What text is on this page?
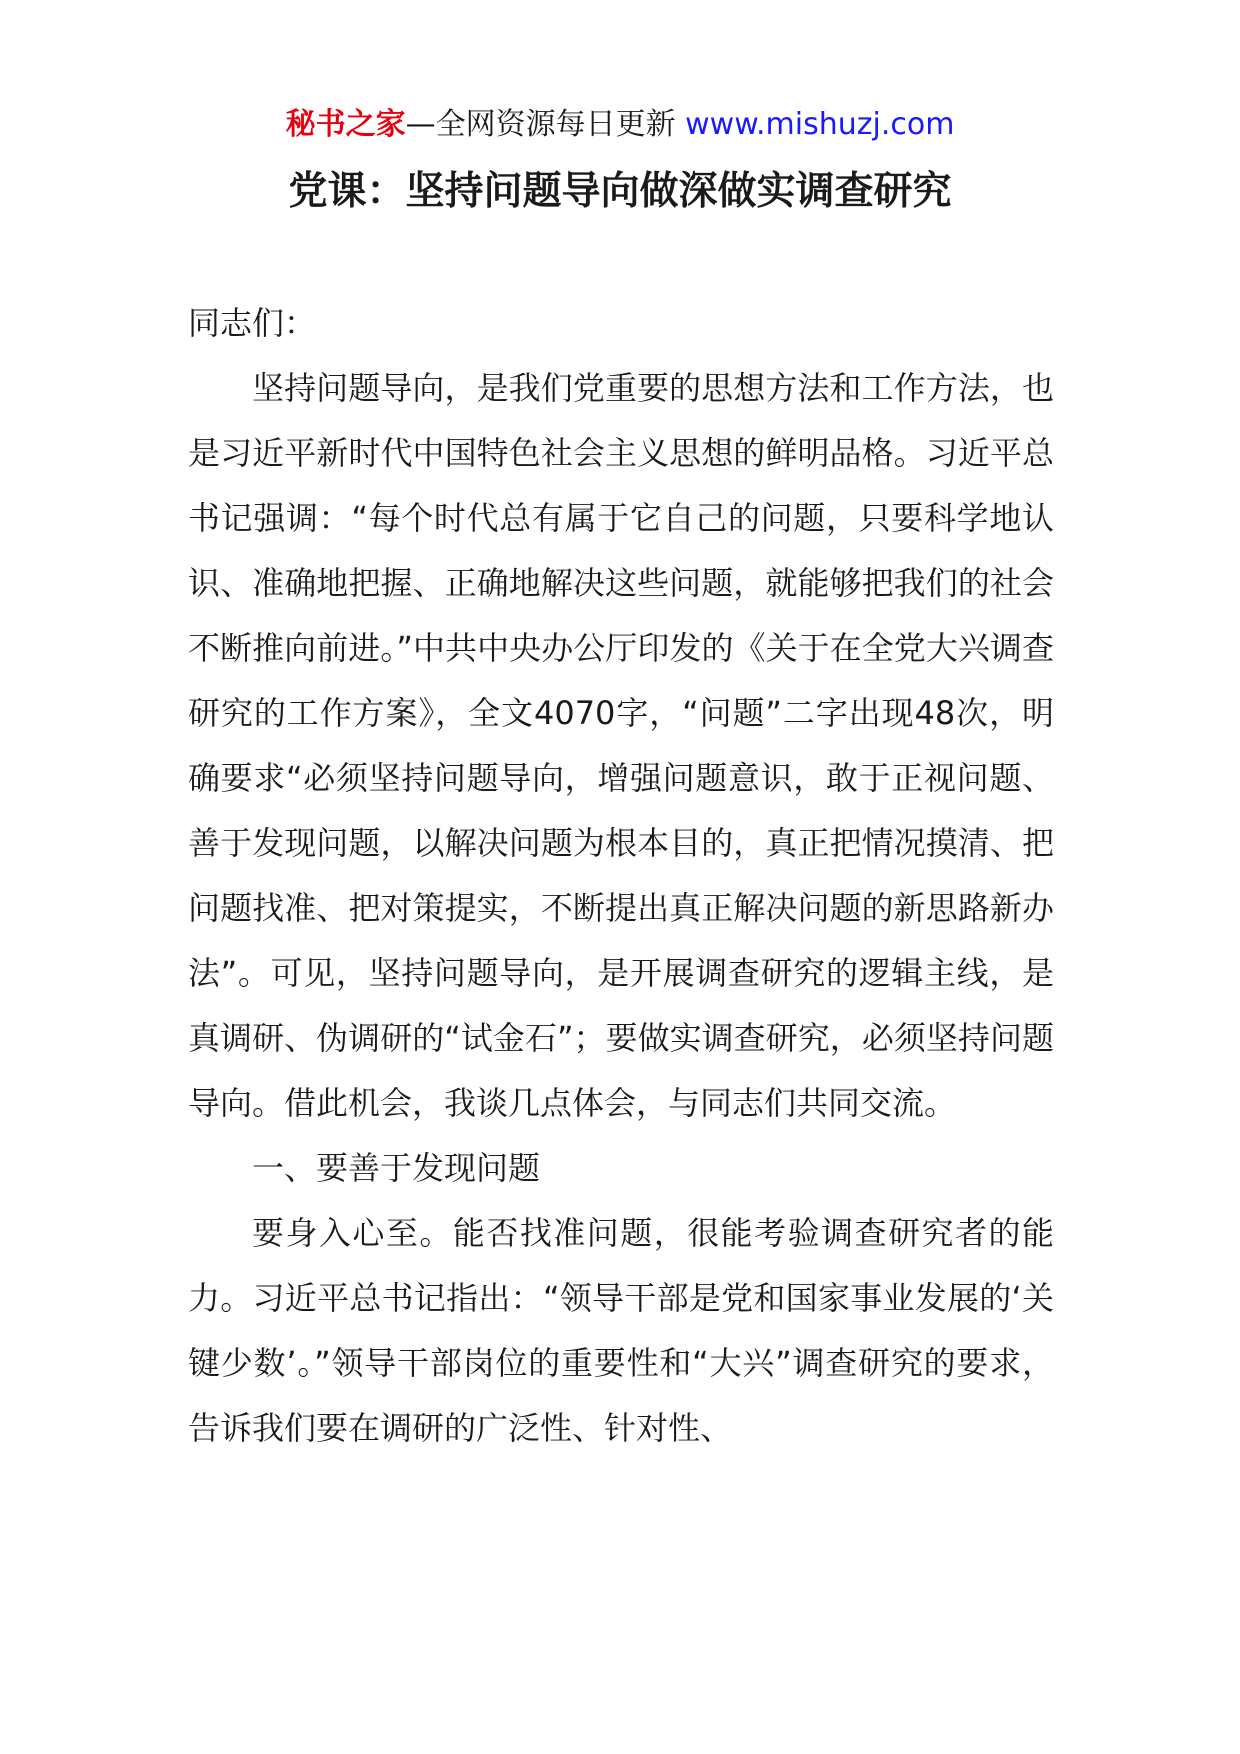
秘书之家—全网资源每日更新 www.mishuzj.com
党课：坚持问题导向做深做实调查研究

同志们：

坚持问题导向，是我们党重要的思想方法和工作方法，也是习近平新时代中国特色社会主义思想的鲜明品格。习近平总书记强调：“每个时代总有属于它自己的问题，只要科学地认识、准确地把握、正确地解决这些问题，就能够把我们的社会不断推向前进。”中共中央办公厅印发的《关于在全党大兴调查研究的工作方案》，全文4070字，“问题”二字出现48次，明确要求“必须坚持问题导向，增强问题意识，敢于正视问题、善于发现问题，以解决问题为根本目的，真正把情况摸清、把问题找准、把对策提实，不断提出真正解决问题的新思路新办法”。可见，坚持问题导向，是开展调查研究的逻辑主线，是真调研、伪调研的“试金石”；要做实调查研究，必须坚持问题导向。借此机会，我谈几点体会，与同志们共同交流。

一、要善于发现问题

要身入心至。能否找准问题，很能考验调查研究者的能力。习近平总书记指出：“领导干部是党和国家事业发展的‘关键少数’。”领导干部岗位的重要性和“大兴”调查研究的要求，告诉我们要在调研的广泛性、针对性、
